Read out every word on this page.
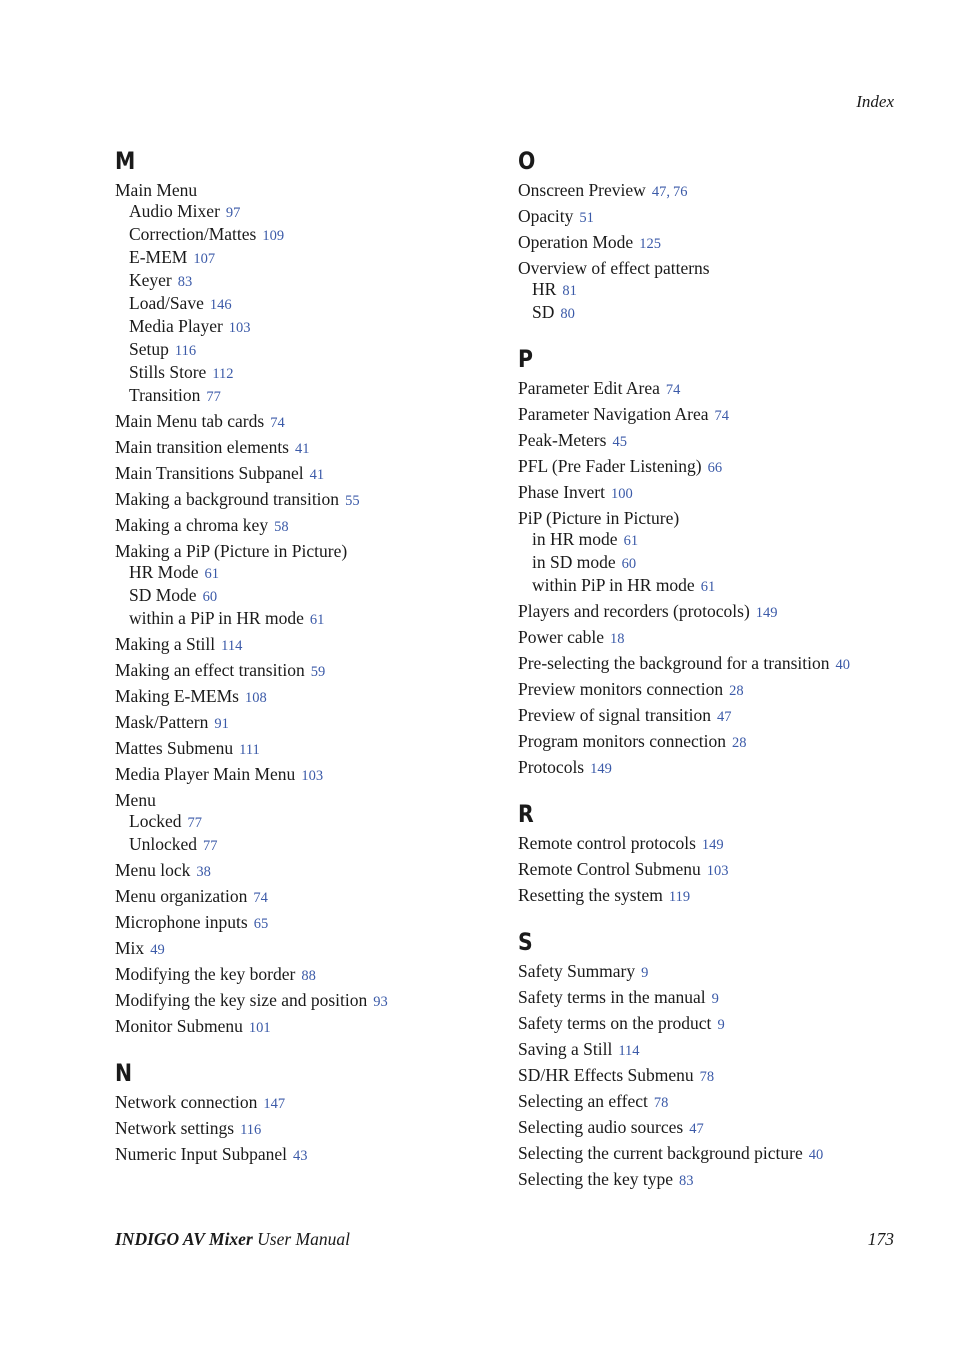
Index
M
Main Menu
Audio Mixer 97
Correction/Mattes 109
E-MEM 107
Keyer 83
Load/Save 146
Media Player 103
Setup 116
Stills Store 112
Transition 77
Main Menu tab cards 74
Main transition elements 41
Main Transitions Subpanel 41
Making a background transition 55
Making a chroma key 58
Making a PiP (Picture in Picture)
HR Mode 61
SD Mode 60
within a PiP in HR mode 61
Making a Still 114
Making an effect transition 59
Making E-MEMs 108
Mask/Pattern 91
Mattes Submenu 111
Media Player Main Menu 103
Menu
Locked 77
Unlocked 77
Menu lock 38
Menu organization 74
Microphone inputs 65
Mix 49
Modifying the key border 88
Modifying the key size and position 93
Monitor Submenu 101
N
Network connection 147
Network settings 116
Numeric Input Subpanel 43
O
Onscreen Preview 47, 76
Opacity 51
Operation Mode 125
Overview of effect patterns
HR 81
SD 80
P
Parameter Edit Area 74
Parameter Navigation Area 74
Peak-Meters 45
PFL (Pre Fader Listening) 66
Phase Invert 100
PiP (Picture in Picture)
in HR mode 61
in SD mode 60
within PiP in HR mode 61
Players and recorders (protocols) 149
Power cable 18
Pre-selecting the background for a transition 40
Preview monitors connection 28
Preview of signal transition 47
Program monitors connection 28
Protocols 149
R
Remote control protocols 149
Remote Control Submenu 103
Resetting the system 119
S
Safety Summary 9
Safety terms in the manual 9
Safety terms on the product 9
Saving a Still 114
SD/HR Effects Submenu 78
Selecting an effect 78
Selecting audio sources 47
Selecting the current background picture 40
Selecting the key type 83
INDIGO AV Mixer User Manual	173
